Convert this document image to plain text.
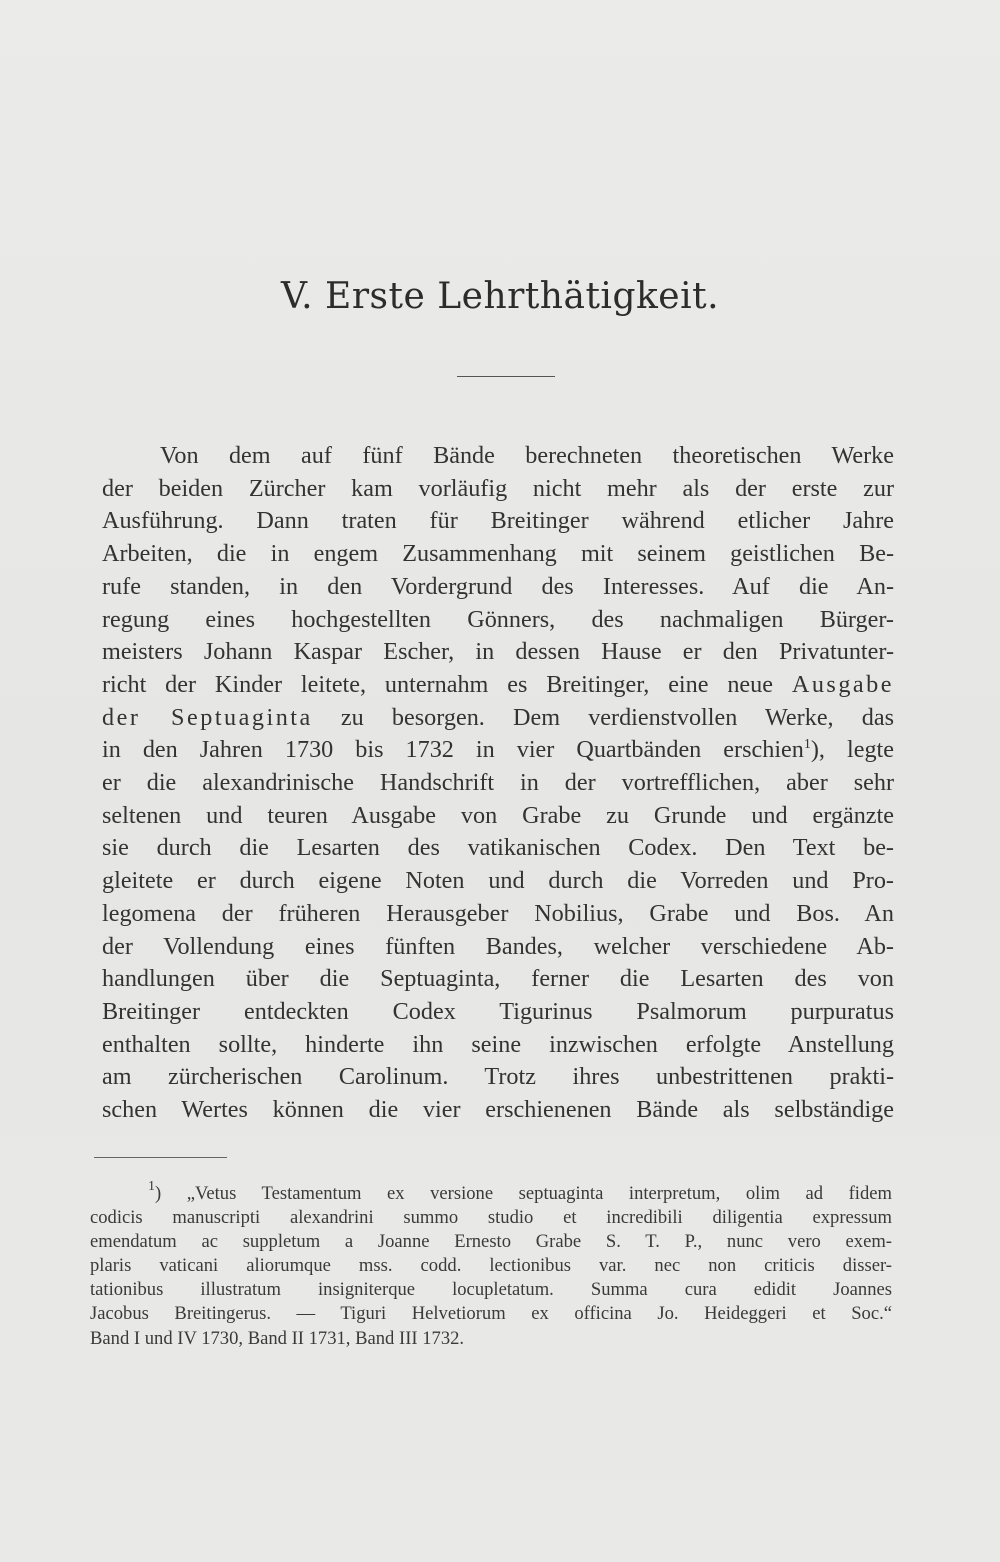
V. Erste Lehrthätigkeit.
Von dem auf fünf Bände berechneten theoretischen Werke
der beiden Zürcher kam vorläufig nicht mehr als der erste zur
Ausführung. Dann traten für Breitinger während etlicher Jahre
Arbeiten, die in engem Zusammenhang mit seinem geistlichen Be-
rufe standen, in den Vordergrund des Interesses. Auf die An-
regung eines hochgestellten Gönners, des nachmaligen Bürger-
meisters Johann Kaspar Escher, in dessen Hause er den Privatunter-
richt der Kinder leitete, unternahm es Breitinger, eine neue Ausgabe
der Septuaginta zu besorgen. Dem verdienstvollen Werke, das
in den Jahren 1730 bis 1732 in vier Quartbänden erschien$^1$), legte
er die alexandrinische Handschrift in der vortrefflichen, aber sehr
seltenen und teuren Ausgabe von Grabe zu Grunde und ergänzte
sie durch die Lesarten des vatikanischen Codex. Den Text be-
gleitete er durch eigene Noten und durch die Vorreden und Pro-
legomena der früheren Herausgeber Nobilius, Grabe und Bos. An
der Vollendung eines fünften Bandes, welcher verschiedene Ab-
handlungen über die Septuaginta, ferner die Lesarten des von
Breitinger entdeckten Codex Tigurinus Psalmorum purpuratus
enthalten sollte, hinderte ihn seine inzwischen erfolgte Anstellung
am zürcherischen Carolinum. Trotz ihres unbestrittenen prakti-
schen Wertes können die vier erschienenen Bände als selbständige
$^1$) „Vetus Testamentum ex versione septuaginta interpretum, olim ad fidem
codicis manuscripti alexandrini summo studio et incredibili diligentia expressum
emendatum ac suppletum a Joanne Ernesto Grabe S. T. P., nunc vero exem-
plaris vaticani aliorumque mss. codd. lectionibus var. nec non criticis disser-
tationibus illustratum insigniterque locupletatum. Summa cura edidit Joannes
Jacobus Breitingerus. — Tiguri Helvetiorum ex officina Jo. Heideggeri et Soc.“
Band I und IV 1730, Band II 1731, Band III 1732.
